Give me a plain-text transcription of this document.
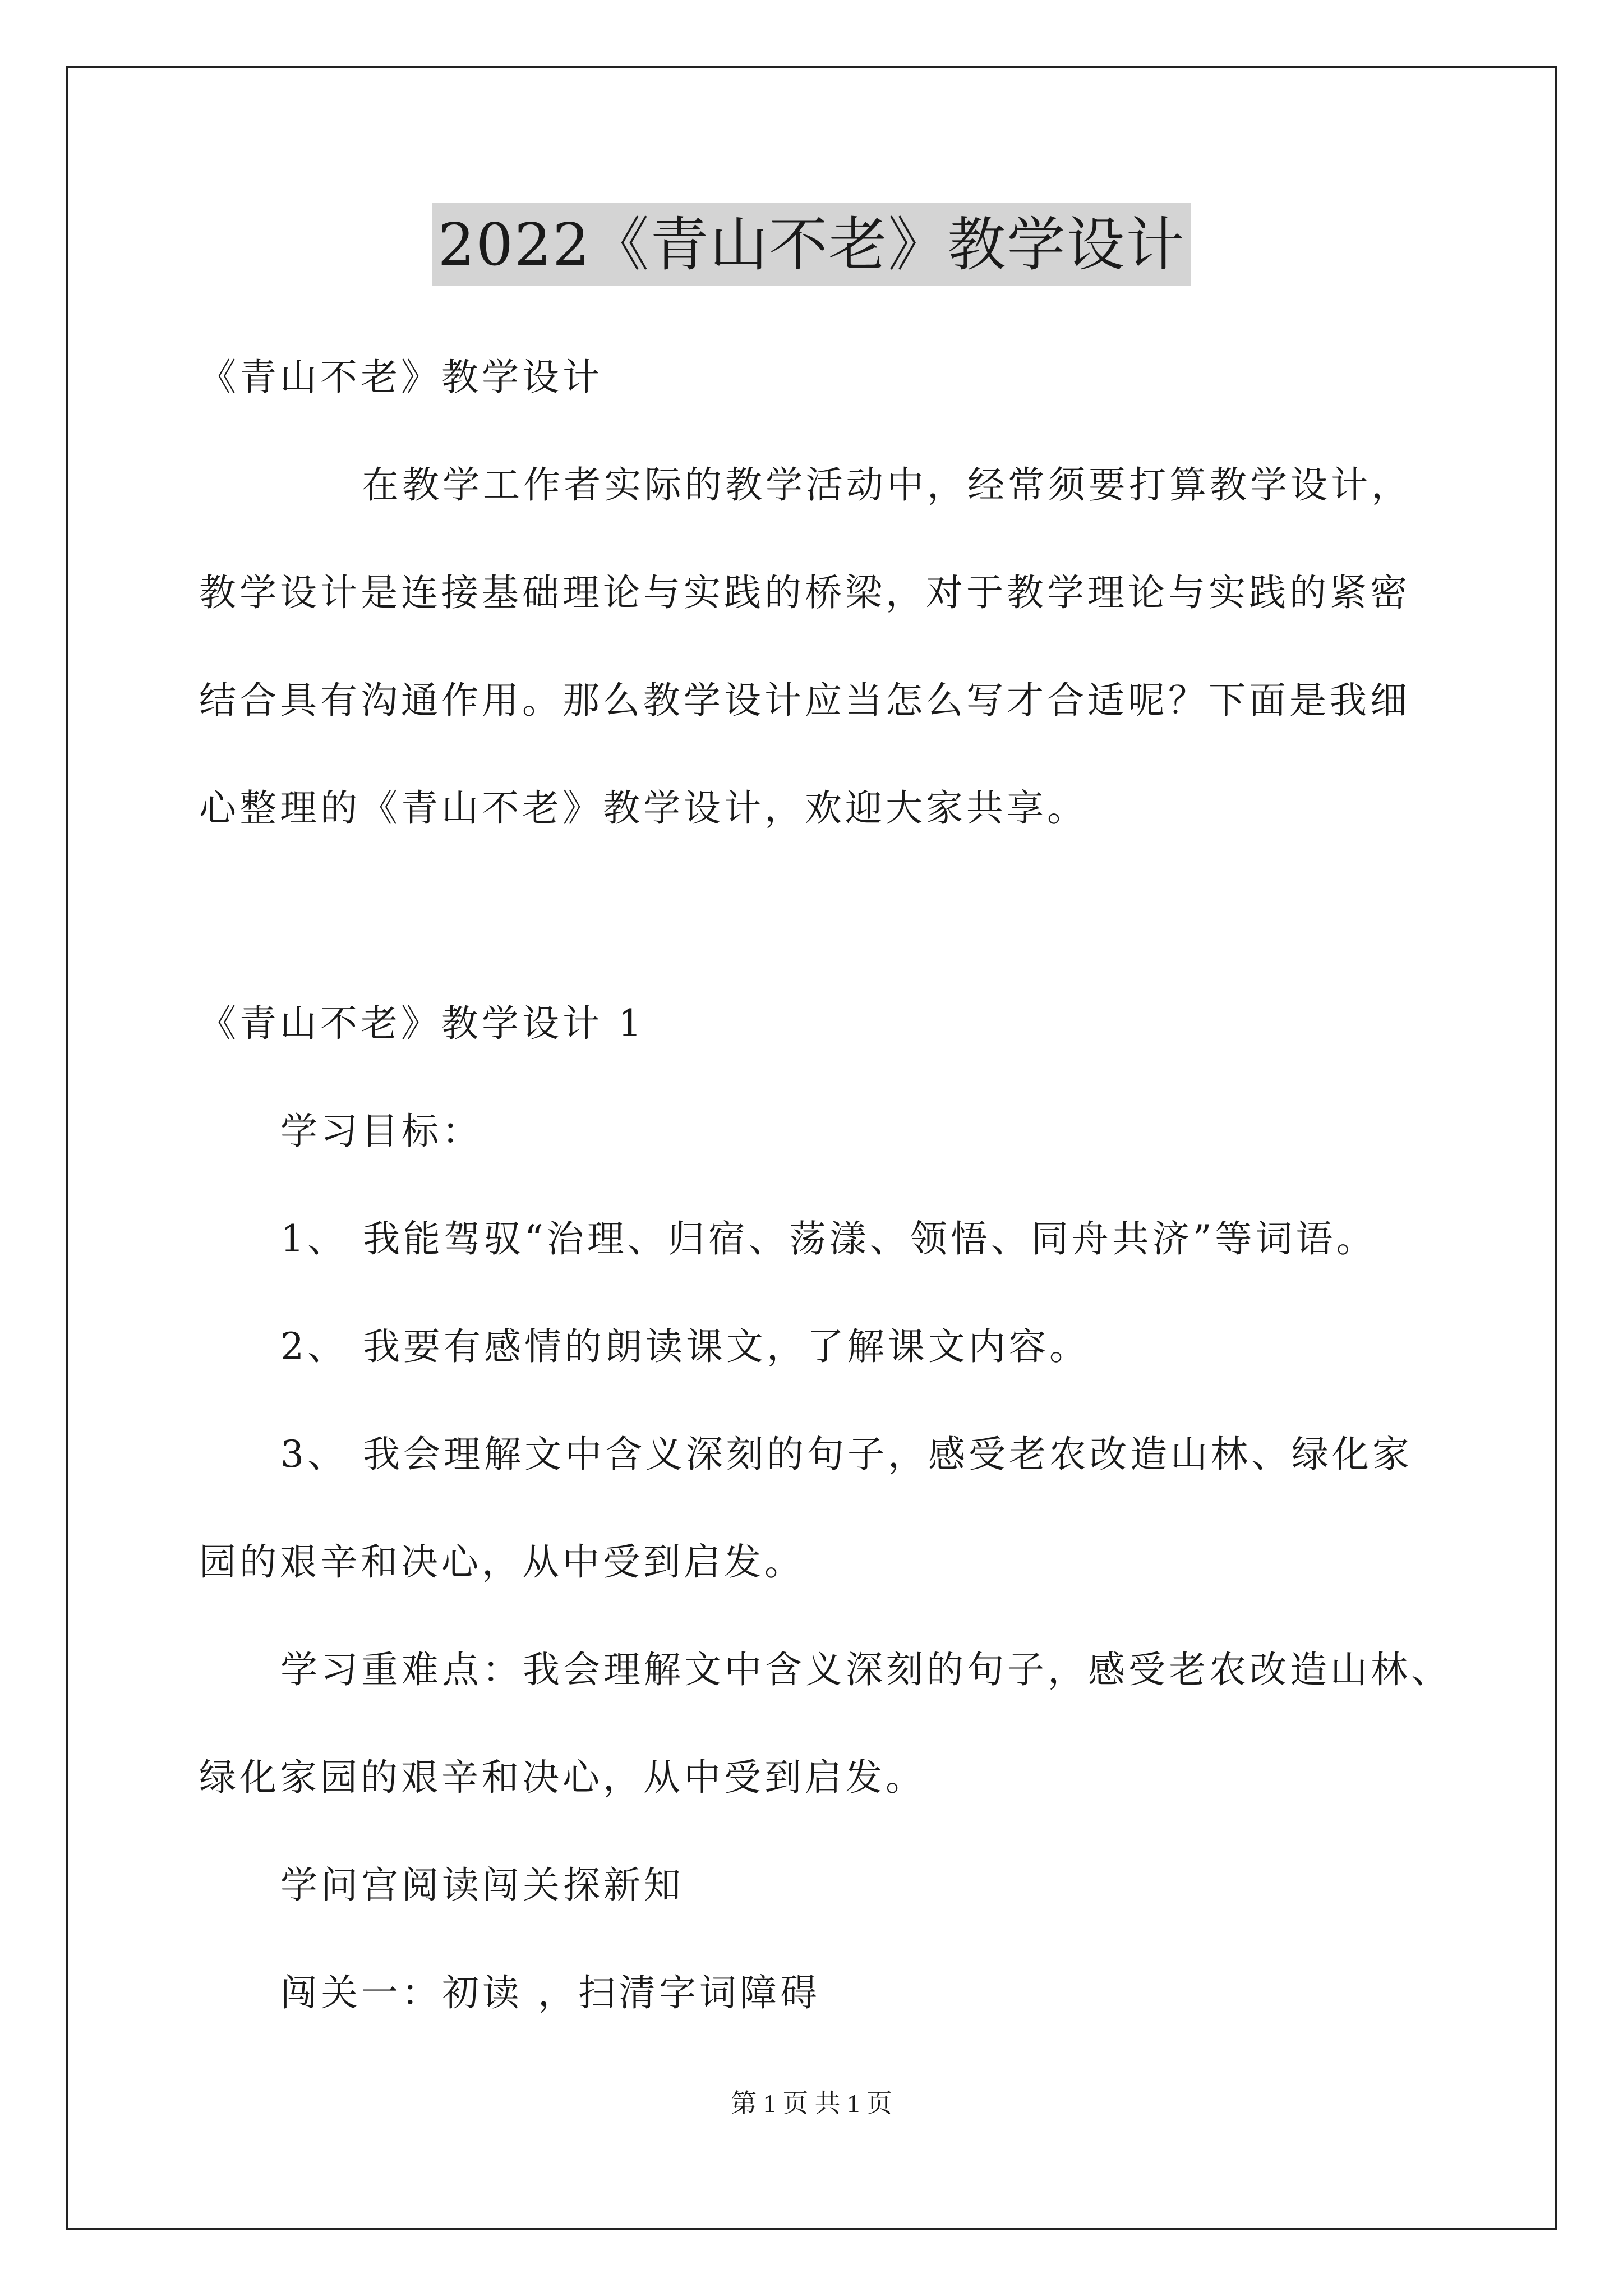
2022《青山不老》教学设计
《青山不老》教学设计
在教学工作者实际的教学活动中，经常须要打算教学设计，
教学设计是连接基础理论与实践的桥梁，对于教学理论与实践的紧密
结合具有沟通作用。那么教学设计应当怎么写才合适呢？下面是我细
心整理的《青山不老》教学设计，欢迎大家共享。
《青山不老》教学设计 1
学习目标：
1、 我能驾驭“治理、归宿、荡漾、领悟、同舟共济”等词语。
2、 我要有感情的朗读课文，了解课文内容。
3、 我会理解文中含义深刻的句子，感受老农改造山林、绿化家
园的艰辛和决心，从中受到启发。
学习重难点：我会理解文中含义深刻的句子，感受老农改造山林、
绿化家园的艰辛和决心，从中受到启发。
学问宫阅读闯关探新知
闯关一：初读 ，扫清字词障碍
第 1 页 共 1 页
